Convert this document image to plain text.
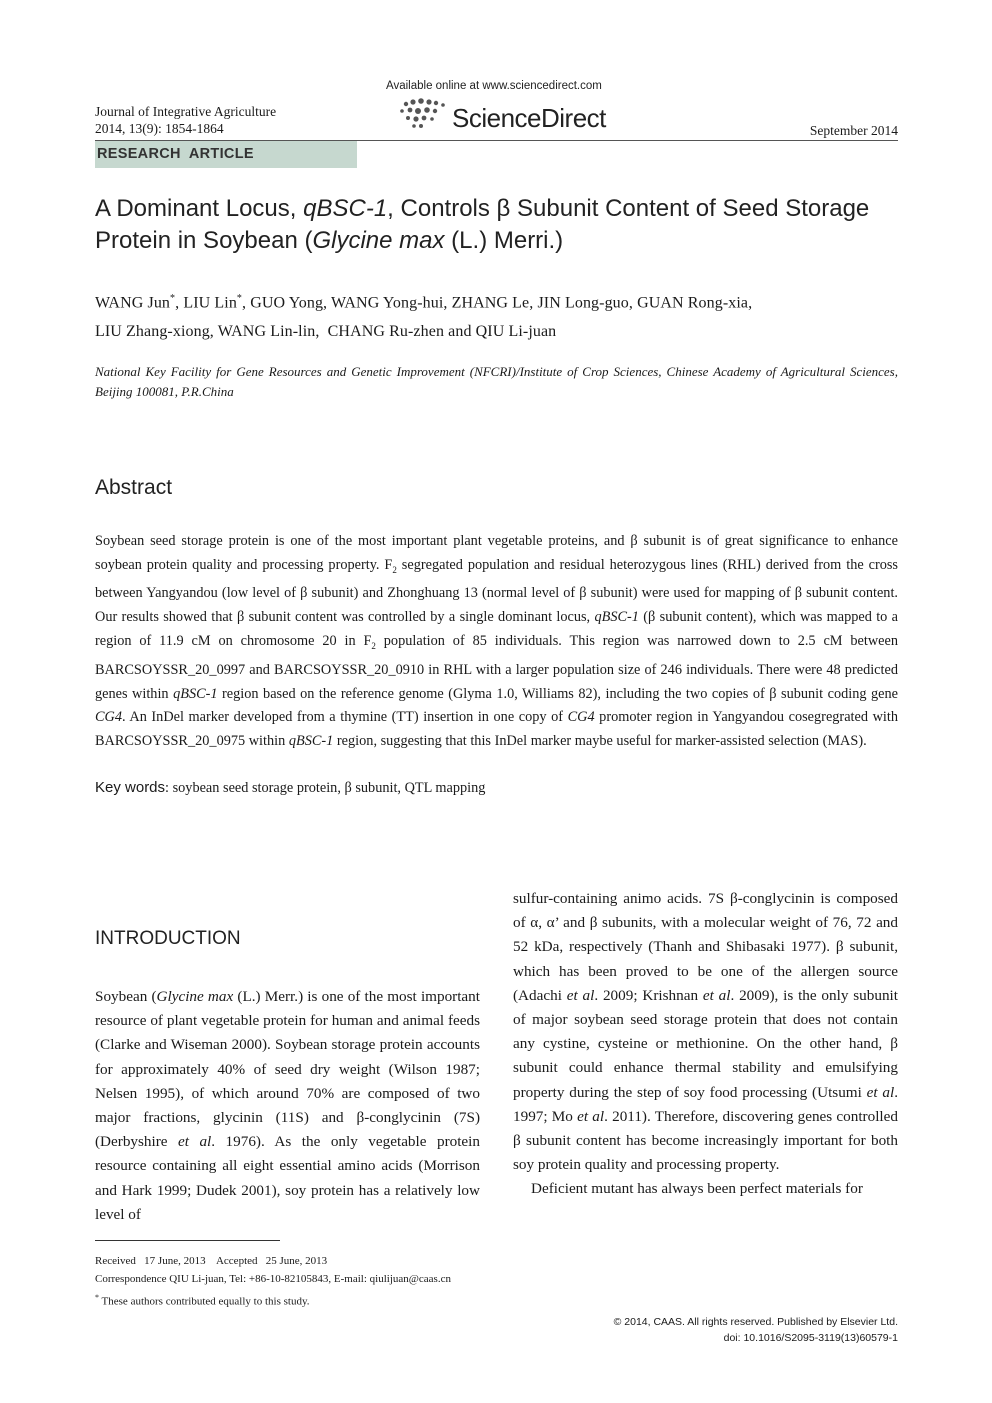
Journal of Integrative Agriculture
2014, 13(9): 1854-1864
Available online at www.sciencedirect.com
ScienceDirect	September 2014
RESEARCH  ARTICLE
A Dominant Locus, qBSC-1, Controls β Subunit Content of Seed Storage Protein in Soybean (Glycine max (L.) Merri.)
WANG Jun*, LIU Lin*, GUO Yong, WANG Yong-hui, ZHANG Le, JIN Long-guo, GUAN Rong-xia,
LIU Zhang-xiong, WANG Lin-lin,  CHANG Ru-zhen and QIU Li-juan
National Key Facility for Gene Resources and Genetic Improvement (NFCRI)/Institute of Crop Sciences, Chinese Academy of Agricultural Sciences, Beijing 100081, P.R.China
Abstract
Soybean seed storage protein is one of the most important plant vegetable proteins, and β subunit is of great significance to enhance soybean protein quality and processing property. $F_2$ segregated population and residual heterozygous lines (RHL) derived from the cross between Yangyandou (low level of β subunit) and Zhonghuang 13 (normal level of β subunit) were used for mapping of β subunit content. Our results showed that β subunit content was controlled by a single dominant locus, qBSC-1 (β subunit content), which was mapped to a region of 11.9 cM on chromosome 20 in $F_2$ population of 85 individuals. This region was narrowed down to 2.5 cM between BARCSOYSSR_20_0997 and BARCSOYSSR_20_0910 in RHL with a larger population size of 246 individuals. There were 48 predicted genes within qBSC-1 region based on the reference genome (Glyma 1.0, Williams 82), including the two copies of β subunit coding gene CG4. An InDel marker developed from a thymine (TT) insertion in one copy of CG4 promoter region in Yangyandou cosegregrated with BARCSOYSSR_20_0975 within qBSC-1 region, suggesting that this InDel marker maybe useful for marker-assisted selection (MAS).
Key words: soybean seed storage protein, β subunit, QTL mapping
INTRODUCTION
Soybean (Glycine max (L.) Merr.) is one of the most important resource of plant vegetable protein for human and animal feeds (Clarke and Wiseman 2000). Soybean storage protein accounts for approximately 40% of seed dry weight (Wilson 1987; Nelsen 1995), of which around 70% are composed of two major fractions, glycinin (11S) and β-conglycinin (7S) (Derbyshire et al. 1976). As the only vegetable protein resource containing all eight essential amino acids (Morrison and Hark 1999; Dudek 2001), soy protein has a relatively low level of

sulfur-containing animo acids. 7S β-conglycinin is composed of α, α’ and β subunits, with a molecular weight of 76, 72 and 52 kDa, respectively (Thanh and Shibasaki 1977). β subunit, which has been proved to be one of the allergen source (Adachi et al. 2009; Krishnan et al. 2009), is the only subunit of major soybean seed storage protein that does not contain any cystine, cysteine or methionine. On the other hand, β subunit could enhance thermal stability and emulsifying property during the step of soy food processing (Utsumi et al. 1997; Mo et al. 2011). Therefore, discovering genes controlled β subunit content has become increasingly important for both soy protein quality and processing property.

Deficient mutant has always been perfect materials for

Received   17 June, 2013    Accepted   25 June, 2013
Correspondence QIU Li-juan, Tel: +86-10-82105843, E-mail: qiulijuan@caas.cn
* These authors contributed equally to this study.
© 2014, CAAS. All rights reserved. Published by Elsevier Ltd.
doi: 10.1016/S2095-3119(13)60579-1
